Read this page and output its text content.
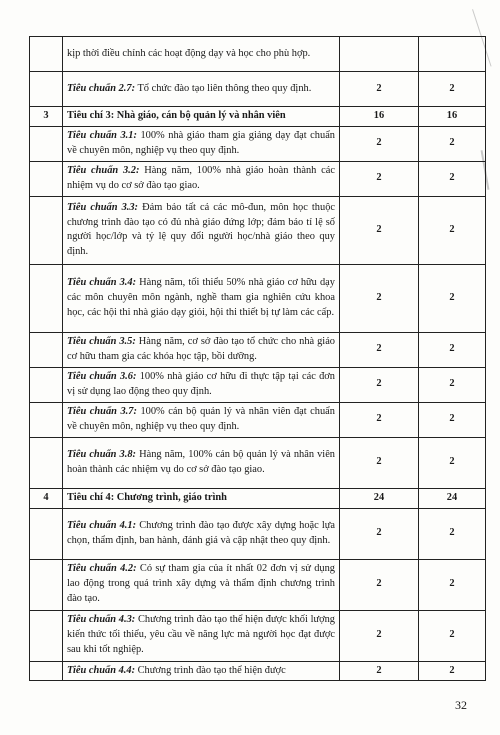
	kịp thời điều chỉnh các hoạt động dạy và học cho phù hợp.		
	Tiêu chuẩn 2.7: Tổ chức đào tạo liên thông theo quy định.	2	2
3	Tiêu chí 3: Nhà giáo, cán bộ quản lý và nhân viên	16	16
	Tiêu chuẩn 3.1: 100% nhà giáo tham gia giảng dạy đạt chuẩn về chuyên môn, nghiệp vụ theo quy định.	2	2
	Tiêu chuẩn 3.2: Hàng năm, 100% nhà giáo hoàn thành các nhiệm vụ do cơ sở đào tạo giao.	2	2
	Tiêu chuẩn 3.3: Đảm bảo tất cả các mô-đun, môn học thuộc chương trình đào tạo có đủ nhà giáo đứng lớp; đảm bảo tỉ lệ số người học/lớp và tỷ lệ quy đổi người học/nhà giáo theo quy định.	2	2
	Tiêu chuẩn 3.4: Hàng năm, tối thiểu 50% nhà giáo cơ hữu dạy các môn chuyên môn ngành, nghề tham gia nghiên cứu khoa học, các hội thi nhà giáo dạy giỏi, hội thi thiết bị tự làm các cấp.	2	2
	Tiêu chuẩn 3.5: Hàng năm, cơ sở đào tạo tổ chức cho nhà giáo cơ hữu tham gia các khóa học tập, bồi dưỡng.	2	2
	Tiêu chuẩn 3.6: 100% nhà giáo cơ hữu đi thực tập tại các đơn vị sử dụng lao động theo quy định.	2	2
	Tiêu chuẩn 3.7: 100% cán bộ quản lý và nhân viên đạt chuẩn về chuyên môn, nghiệp vụ theo quy định.	2	2
	Tiêu chuẩn 3.8: Hàng năm, 100% cán bộ quản lý và nhân viên hoàn thành các nhiệm vụ do cơ sở đào tạo giao.	2	2
4	Tiêu chí 4: Chương trình, giáo trình	24	24
	Tiêu chuẩn 4.1: Chương trình đào tạo được xây dựng hoặc lựa chọn, thẩm định, ban hành, đánh giá và cập nhật theo quy định.	2	2
	Tiêu chuẩn 4.2: Có sự tham gia của ít nhất 02 đơn vị sử dụng lao động trong quá trình xây dựng và thẩm định chương trình đào tạo.	2	2
	Tiêu chuẩn 4.3: Chương trình đào tạo thể hiện được khối lượng kiến thức tối thiểu, yêu cầu về năng lực mà người học đạt được sau khi tốt nghiệp.	2	2
	Tiêu chuẩn 4.4: Chương trình đào tạo thể hiện được	2	2
32
